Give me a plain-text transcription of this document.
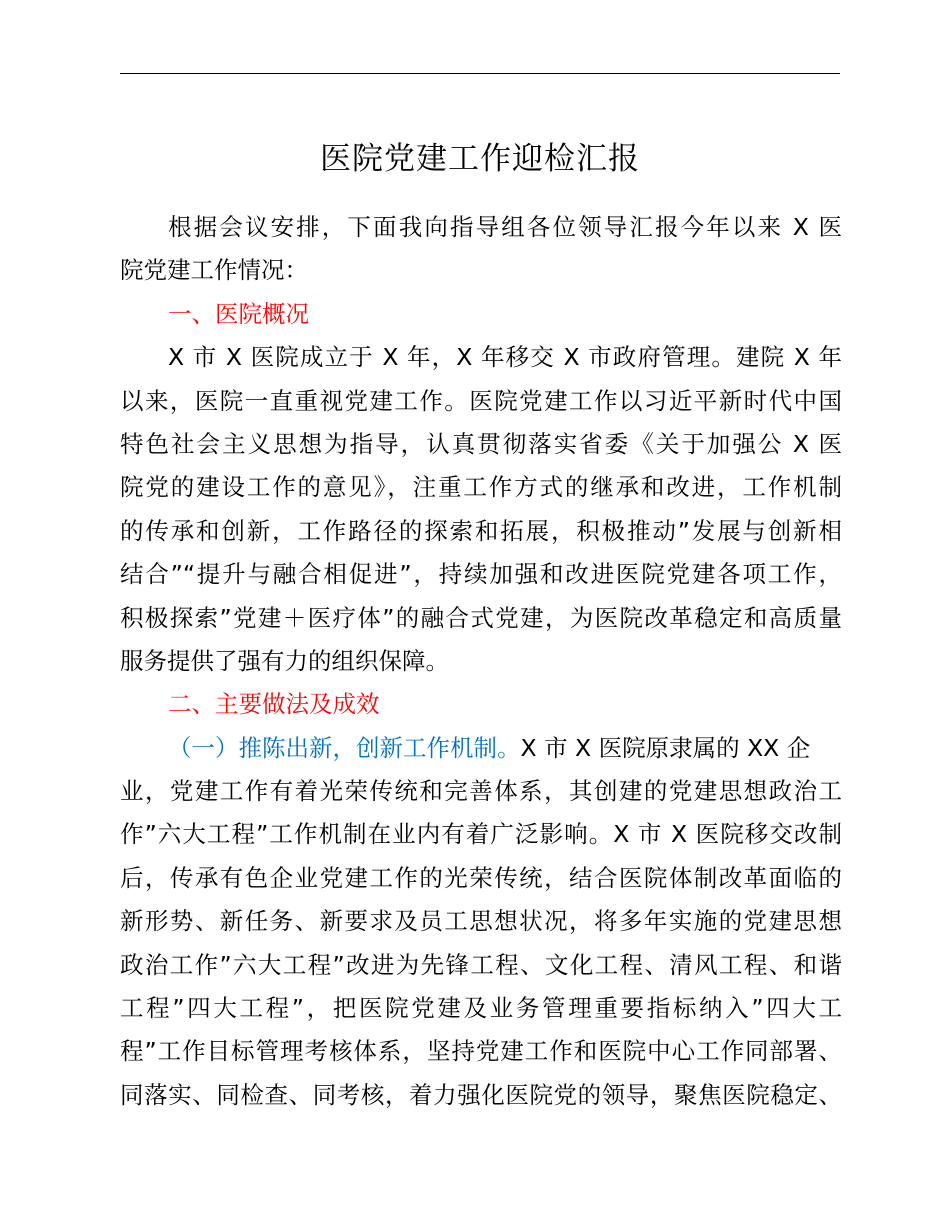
医院党建工作迎检汇报
根据会议安排，下面我向指导组各位领导汇报今年以来 X 医
院党建工作情况：
一、医院概况
X 市 X 医院成立于 X 年，X 年移交 X 市政府管理。建院 X 年
以来，医院一直重视党建工作。医院党建工作以习近平新时代中国
特色社会主义思想为指导，认真贯彻落实省委《关于加强公 X 医
院党的建设工作的意见》，注重工作方式的继承和改进，工作机制
的传承和创新，工作路径的探索和拓展，积极推动”发展与创新相
结合”“提升与融合相促进”，持续加强和改进医院党建各项工作，
积极探索”党建＋医疗体”的融合式党建，为医院改革稳定和高质量
服务提供了强有力的组织保障。
二、主要做法及成效
（一）推陈出新，创新工作机制。X 市 X 医院原隶属的 XX 企
业，党建工作有着光荣传统和完善体系，其创建的党建思想政治工
作”六大工程”工作机制在业内有着广泛影响。X 市 X 医院移交改制
后，传承有色企业党建工作的光荣传统，结合医院体制改革面临的
新形势、新任务、新要求及员工思想状况，将多年实施的党建思想
政治工作”六大工程”改进为先锋工程、文化工程、清风工程、和谐
工程”四大工程”，把医院党建及业务管理重要指标纳入”四大工
程”工作目标管理考核体系，坚持党建工作和医院中心工作同部署、
同落实、同检查、同考核，着力强化医院党的领导，聚焦医院稳定、
